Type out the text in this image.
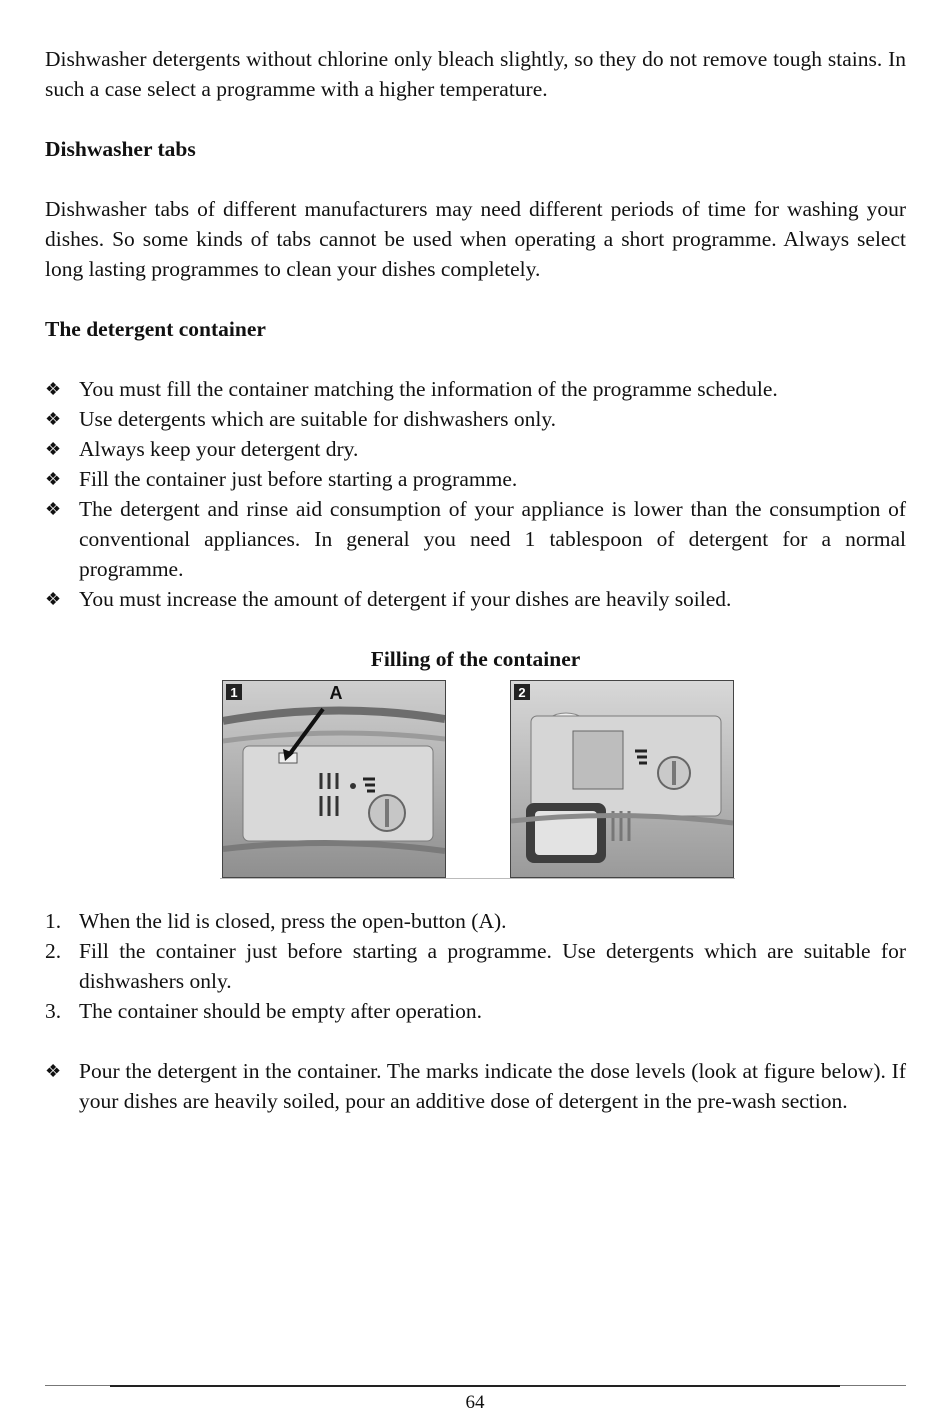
Dishwasher detergents without chlorine only bleach slightly, so they do not remove tough stains. In such a case select a programme with a higher temperature.

Dishwasher tabs

Dishwasher tabs of different manufacturers may need different periods of time for washing your dishes. So some kinds of tabs cannot be used when operating a short programme. Always select long lasting programmes to clean your dishes completely.

The detergent container

❖ You must fill the container matching the information of the programme schedule.
❖ Use detergents which are suitable for dishwashers only.
❖ Always keep your detergent dry.
❖ Fill the container just before starting a programme.
❖ The detergent and rinse aid consumption of your appliance is lower than the consumption of conventional appliances. In general you need 1 tablespoon of detergent for a normal programme.
❖ You must increase the amount of detergent if your dishes are heavily soiled.

Filling of the container

1	A	2
1. When the lid is closed, press the open-button (A).
2. Fill the container just before starting a programme. Use detergents which are suitable for dishwashers only.
3. The container should be empty after operation.
❖ Pour the detergent in the container. The marks indicate the dose levels (look at figure below). If your dishes are heavily soiled, pour an additive dose of detergent in the pre-wash section.
64
